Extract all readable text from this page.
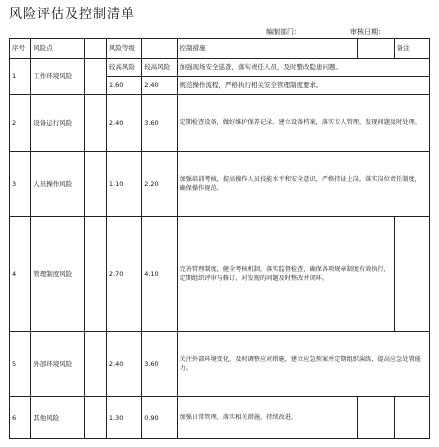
风险评估及控制清单
编制部门：	审核日期：
序号	风险点		风险等级		控制措施		备注
1	工作环境风险		较高风险	较高风险	加强现场安全巡查，落实责任人员，及时整改隐患问题。		
			1.60	2.40	规范操作流程，严格执行相关安全管理制度要求。		
2	设备运行风险		2.40	3.60	定期检查设备，做好维护保养记录。建立设备档案，落实专人管理，发现问题及时处理。		
3	人员操作风险		1.10	2.20	加强培训考核，提高操作人员技能水平和安全意识，严格持证上岗，落实岗位责任制度，确保操作规范。		
4	管理制度风险		2.70	4.10	完善管理制度，健全考核机制，落实监督检查，确保各项规章制度有效执行，定期组织评审与修订，对发现的问题及时整改并闭环。		
5	外部环境风险		2.40	3.60	关注外部环境变化，及时调整应对措施，建立应急预案并定期组织演练，提高应急处置能力。		
6	其他风险		1.30	0.90	加强日常管理，落实相关措施，持续改进。		
